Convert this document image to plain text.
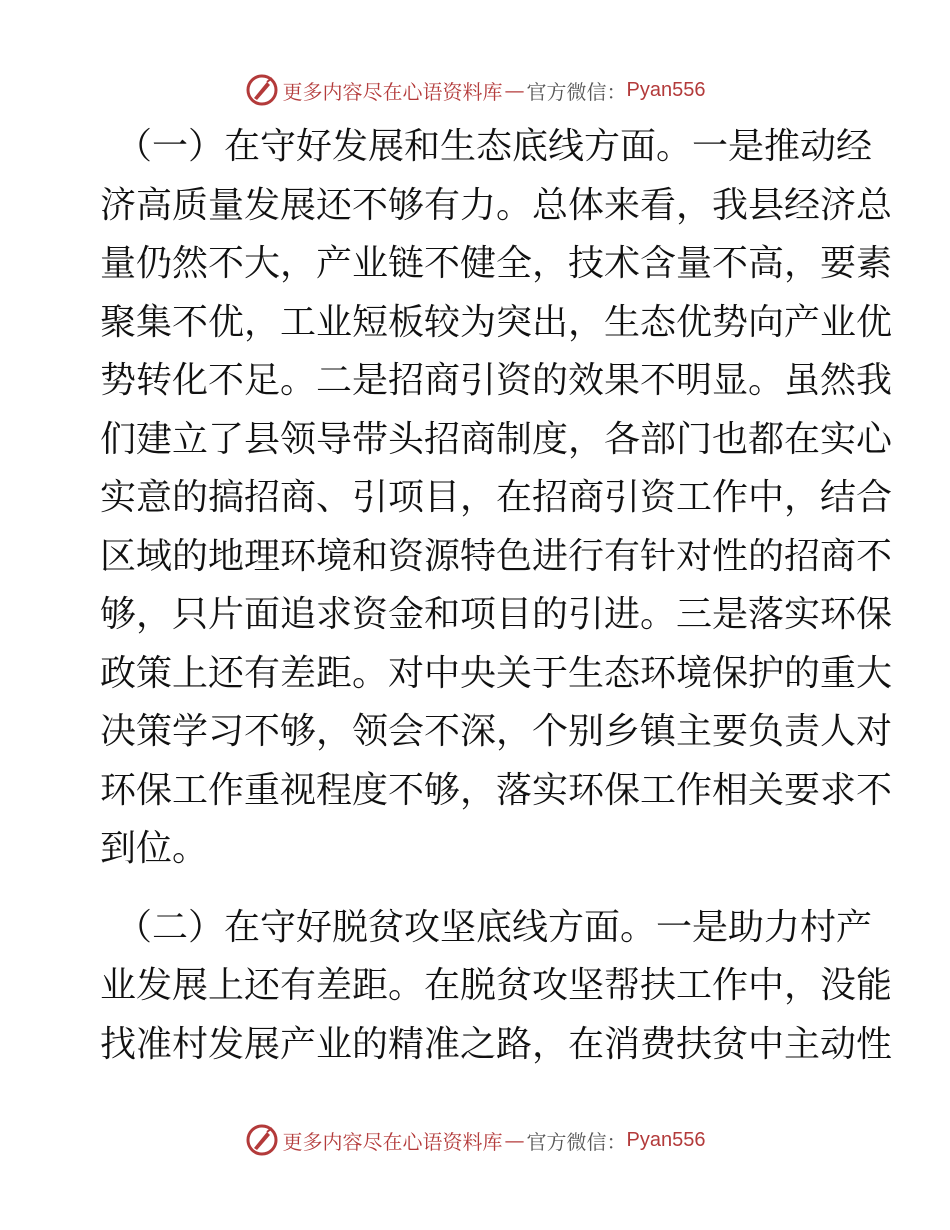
更多内容尽在心语资料库 — 官方微信： Pyan556
（一）在守好发展和生态底线方面。一是推动经
济高质量发展还不够有力。总体来看，我县经济总
量仍然不大，产业链不健全，技术含量不高，要素
聚集不优，工业短板较为突出，生态优势向产业优
势转化不足。二是招商引资的效果不明显。虽然我
们建立了县领导带头招商制度，各部门也都在实心
实意的搞招商、引项目，在招商引资工作中，结合
区域的地理环境和资源特色进行有针对性的招商不
够，只片面追求资金和项目的引进。三是落实环保
政策上还有差距。对中央关于生态环境保护的重大
决策学习不够，领会不深，个别乡镇主要负责人对
环保工作重视程度不够，落实环保工作相关要求不
到位。
（二）在守好脱贫攻坚底线方面。一是助力村产
业发展上还有差距。在脱贫攻坚帮扶工作中，没能
找准村发展产业的精准之路，在消费扶贫中主动性
更多内容尽在心语资料库 — 官方微信： Pyan556
